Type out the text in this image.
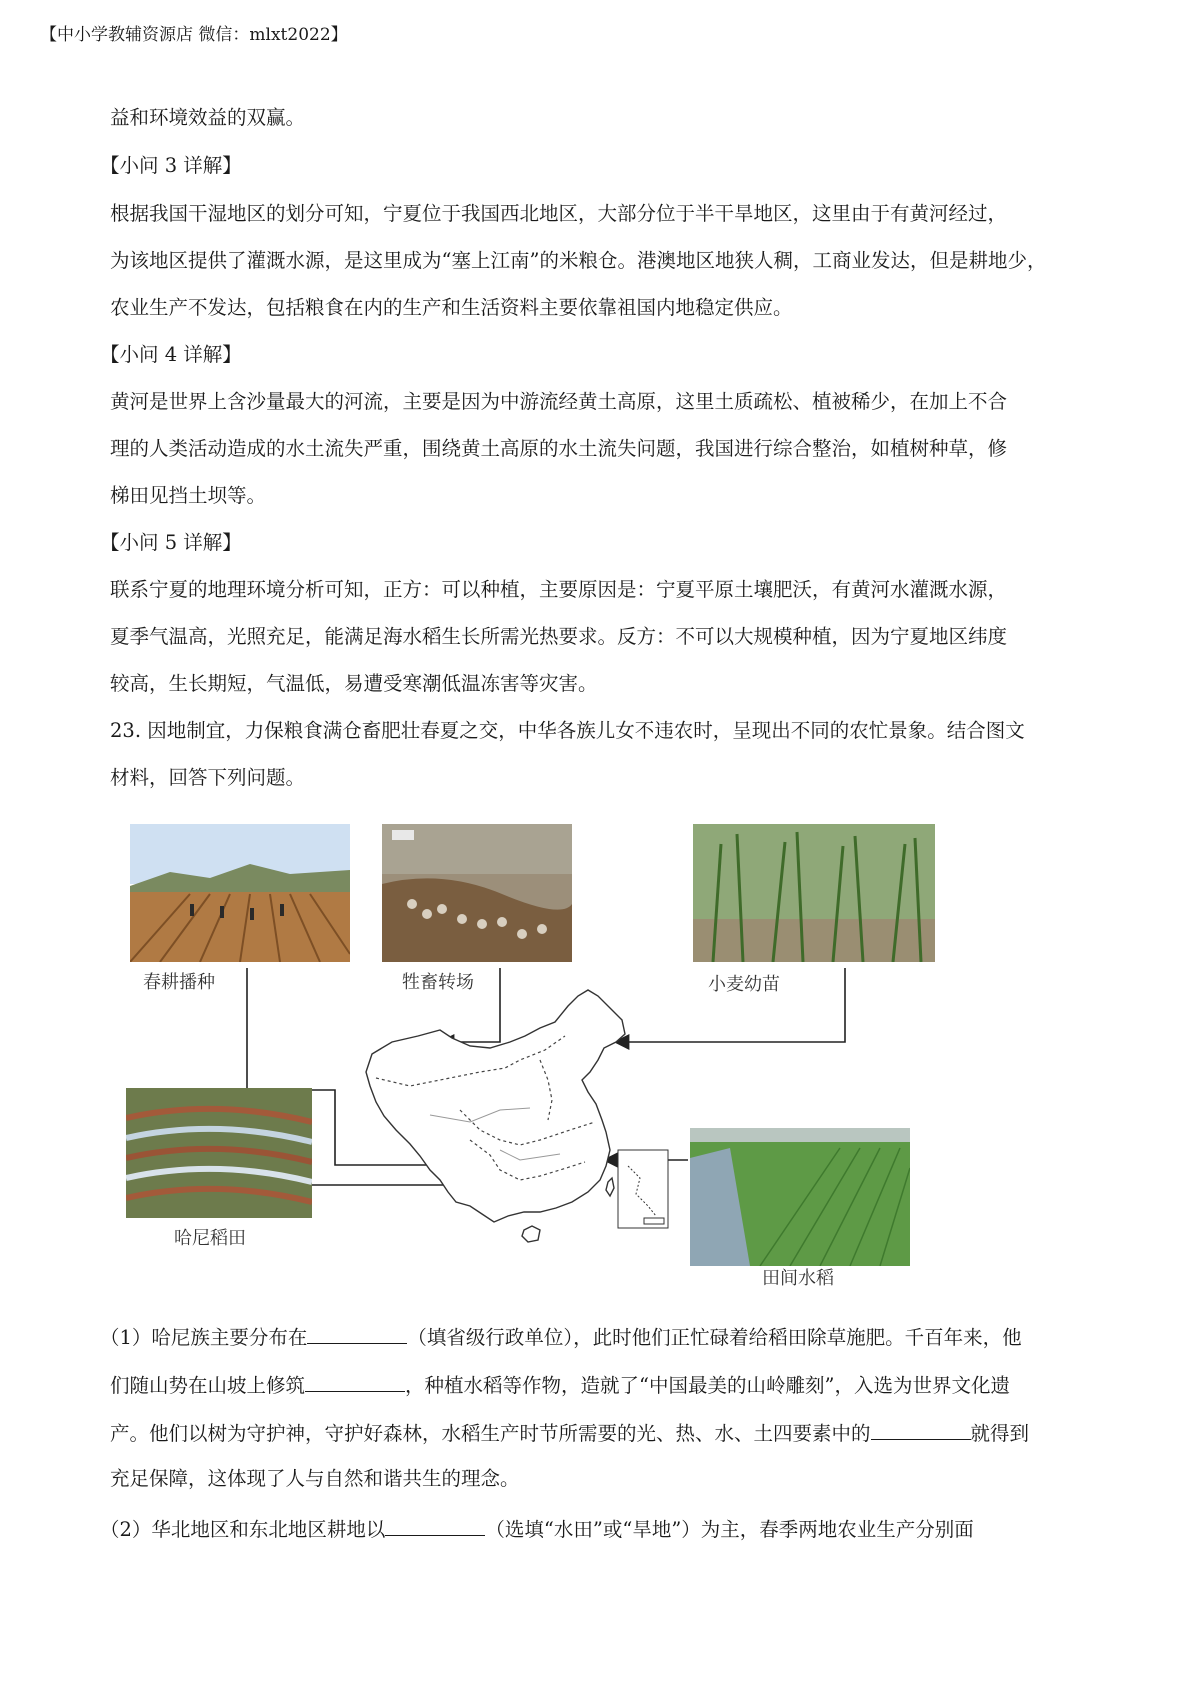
【中小学教辅资源店 微信：mlxt2022】
益和环境效益的双赢。
【小问 3 详解】
根据我国干湿地区的划分可知，宁夏位于我国西北地区，大部分位于半干旱地区，这里由于有黄河经过，
为该地区提供了灌溉水源，是这里成为“塞上江南”的米粮仓。港澳地区地狭人稠，工商业发达，但是耕地少，
农业生产不发达，包括粮食在内的生产和生活资料主要依靠祖国内地稳定供应。
【小问 4 详解】
黄河是世界上含沙量最大的河流，主要是因为中游流经黄土高原，这里土质疏松、植被稀少，在加上不合
理的人类活动造成的水土流失严重，围绕黄土高原的水土流失问题，我国进行综合整治，如植树种草，修
梯田见挡土坝等。
【小问 5 详解】
联系宁夏的地理环境分析可知，正方：可以种植，主要原因是：宁夏平原土壤肥沃，有黄河水灌溉水源，
夏季气温高，光照充足，能满足海水稻生长所需光热要求。反方：不可以大规模种植，因为宁夏地区纬度
较高，生长期短，气温低，易遭受寒潮低温冻害等灾害。
23. 因地制宜，力保粮食满仓畜肥壮春夏之交，中华各族儿女不违农时，呈现出不同的农忙景象。结合图文
材料，回答下列问题。
春耕播种	牲畜转场	小麦幼苗
哈尼稻田
田间水稻
（1）哈尼族主要分布在	（填省级行政单位），此时他们正忙碌着给稻田除草施肥。千百年来，他
们随山势在山坡上修筑	，种植水稻等作物，造就了“中国最美的山岭雕刻”，入选为世界文化遗
产。他们以树为守护神，守护好森林，水稻生产时节所需要的光、热、水、土四要素中的	就得到
充足保障，这体现了人与自然和谐共生的理念。
（2）华北地区和东北地区耕地以	（选填“水田”或“旱地”）为主，春季两地农业生产分别面
